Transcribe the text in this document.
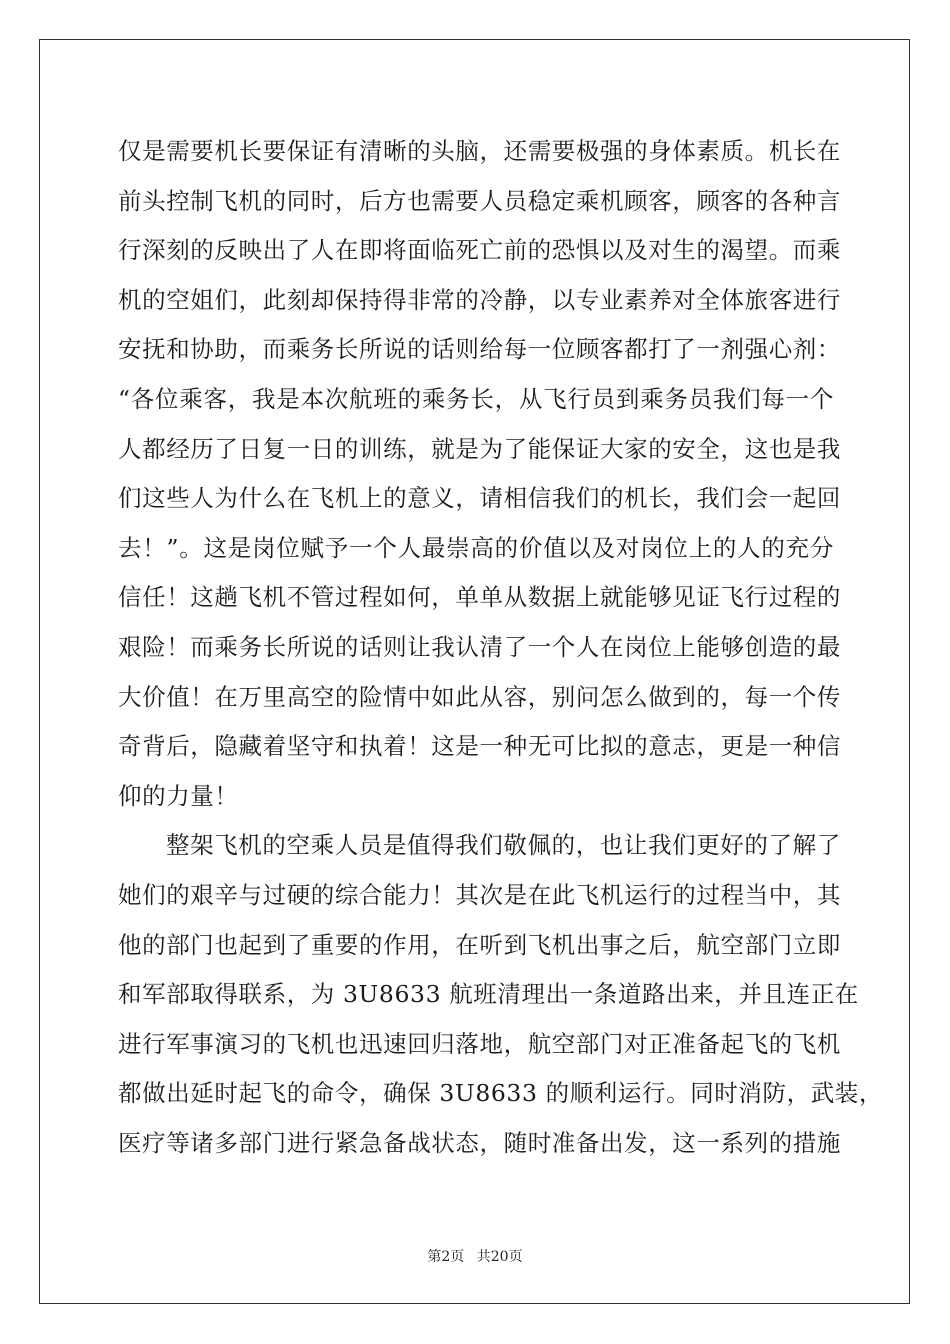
仅是需要机长要保证有清晰的头脑，还需要极强的身体素质。机长在
前头控制飞机的同时，后方也需要人员稳定乘机顾客，顾客的各种言
行深刻的反映出了人在即将面临死亡前的恐惧以及对生的渴望。而乘
机的空姐们，此刻却保持得非常的冷静，以专业素养对全体旅客进行
安抚和协助，而乘务长所说的话则给每一位顾客都打了一剂强心剂：
“各位乘客，我是本次航班的乘务长，从飞行员到乘务员我们每一个
人都经历了日复一日的训练，就是为了能保证大家的安全，这也是我
们这些人为什么在飞机上的意义，请相信我们的机长，我们会一起回
去！”。这是岗位赋予一个人最崇高的价值以及对岗位上的人的充分
信任！这趟飞机不管过程如何，单单从数据上就能够见证飞行过程的
艰险！而乘务长所说的话则让我认清了一个人在岗位上能够创造的最
大价值！在万里高空的险情中如此从容，别问怎么做到的，每一个传
奇背后，隐藏着坚守和执着！这是一种无可比拟的意志，更是一种信
仰的力量！
整架飞机的空乘人员是值得我们敬佩的，也让我们更好的了解了
她们的艰辛与过硬的综合能力！其次是在此飞机运行的过程当中，其
他的部门也起到了重要的作用，在听到飞机出事之后，航空部门立即
和军部取得联系，为 3U8633 航班清理出一条道路出来，并且连正在
进行军事演习的飞机也迅速回归落地，航空部门对正准备起飞的飞机
都做出延时起飞的命令，确保 3U8633 的顺利运行。同时消防，武装，
医疗等诸多部门进行紧急备战状态，随时准备出发，这一系列的措施
第2页 共20页
